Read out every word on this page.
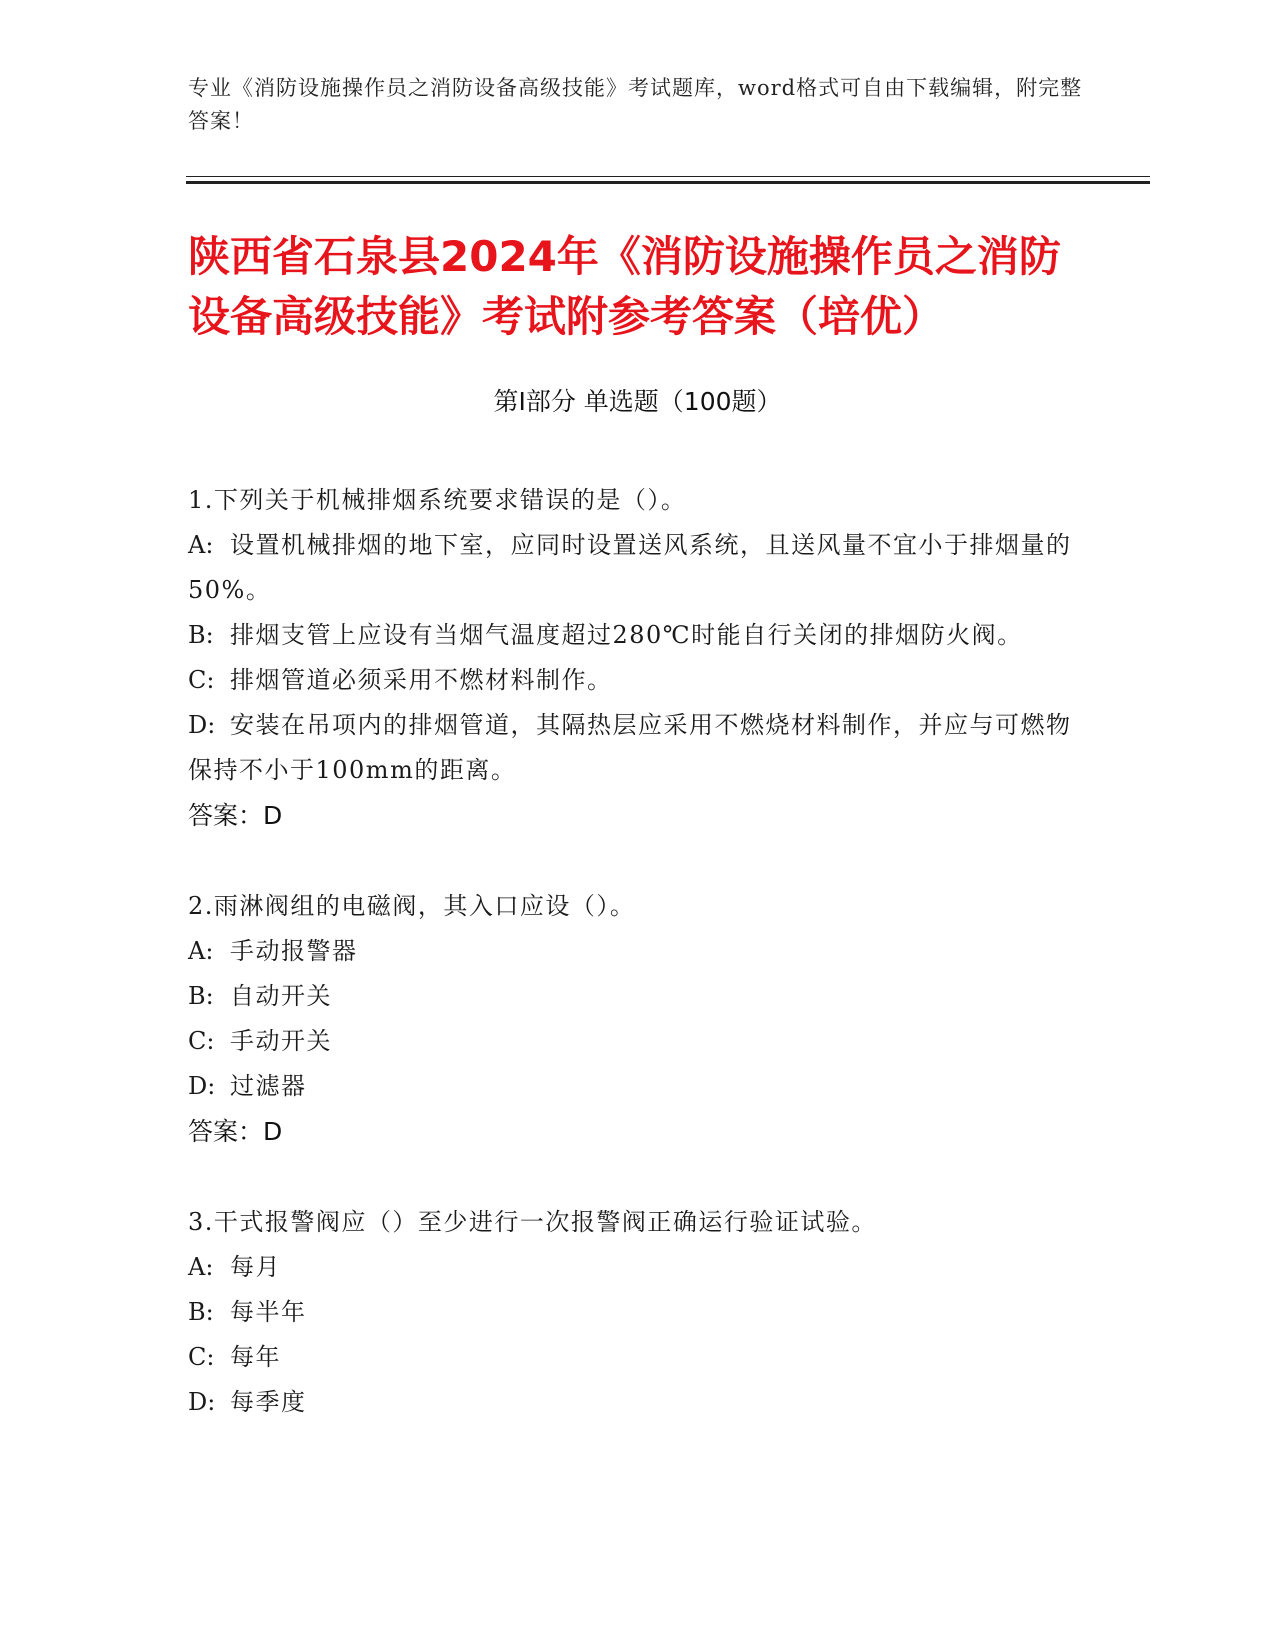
专业《消防设施操作员之消防设备高级技能》考试题库，word格式可自由下载编辑，附完整答案！
陕西省石泉县2024年《消防设施操作员之消防设备高级技能》考试附参考答案（培优）
第I部分 单选题（100题）
1.下列关于机械排烟系统要求错误的是（）。
A: 设置机械排烟的地下室，应同时设置送风系统，且送风量不宜小于排烟量的50%。
B: 排烟支管上应设有当烟气温度超过280℃时能自行关闭的排烟防火阀。
C: 排烟管道必须采用不燃材料制作。
D: 安装在吊项内的排烟管道，其隔热层应采用不燃烧材料制作，并应与可燃物保持不小于100mm的距离。
答案：D
2.雨淋阀组的电磁阀，其入口应设（）。
A: 手动报警器
B: 自动开关
C: 手动开关
D: 过滤器
答案：D
3.干式报警阀应（）至少进行一次报警阀正确运行验证试验。
A: 每月
B: 每半年
C: 每年
D: 每季度
